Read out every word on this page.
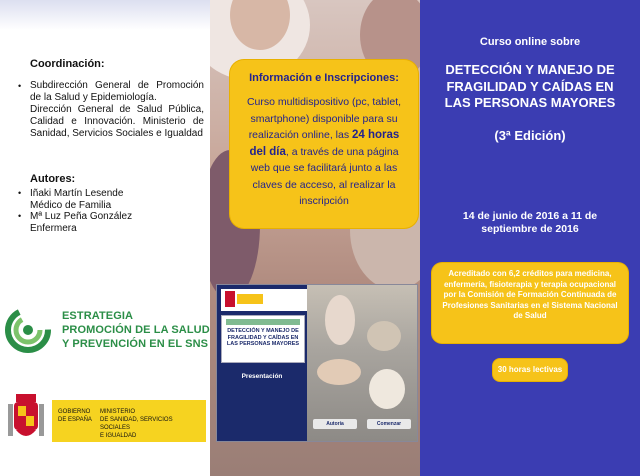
Coordinación:
• Subdirección General de Promoción de la Salud y Epidemiología.
Dirección General de Salud Pública, Calidad e Innovación. Ministerio de Sanidad, Servicios Sociales e Igualdad
Autores:
• Iñaki Martín Lesende
Médico de Familia
• Mª Luz Peña González
Enfermera
ESTRATEGIA
PROMOCIÓN DE LA SALUD
Y PREVENCIÓN EN EL SNS
GOBIERNO
DE ESPAÑA
MINISTERIO
DE SANIDAD, SERVICIOS SOCIALES
E IGUALDAD
Información e Inscripciones:
Curso multidispositivo (pc, tablet, smartphone) disponible para su realización online, las 24 horas del día, a través de una página web que se facilitará junto a las claves de acceso, al realizar la inscripción
DETECCIÓN Y MANEJO DE FRAGILIDAD Y CAÍDAS EN LAS PERSONAS MAYORES
Presentación
Autoría	Comenzar
Curso online sobre
DETECCIÓN Y MANEJO DE
FRAGILIDAD Y CAÍDAS EN
LAS PERSONAS MAYORES
(3ª Edición)
14 de junio de 2016 a 11 de
septiembre de 2016
Acreditado con 6,2 créditos para medicina, enfermería, fisioterapia y terapia ocupacional por la Comisión de Formación Continuada de Profesiones Sanitarias en el Sistema Nacional de Salud
30 horas lectivas
